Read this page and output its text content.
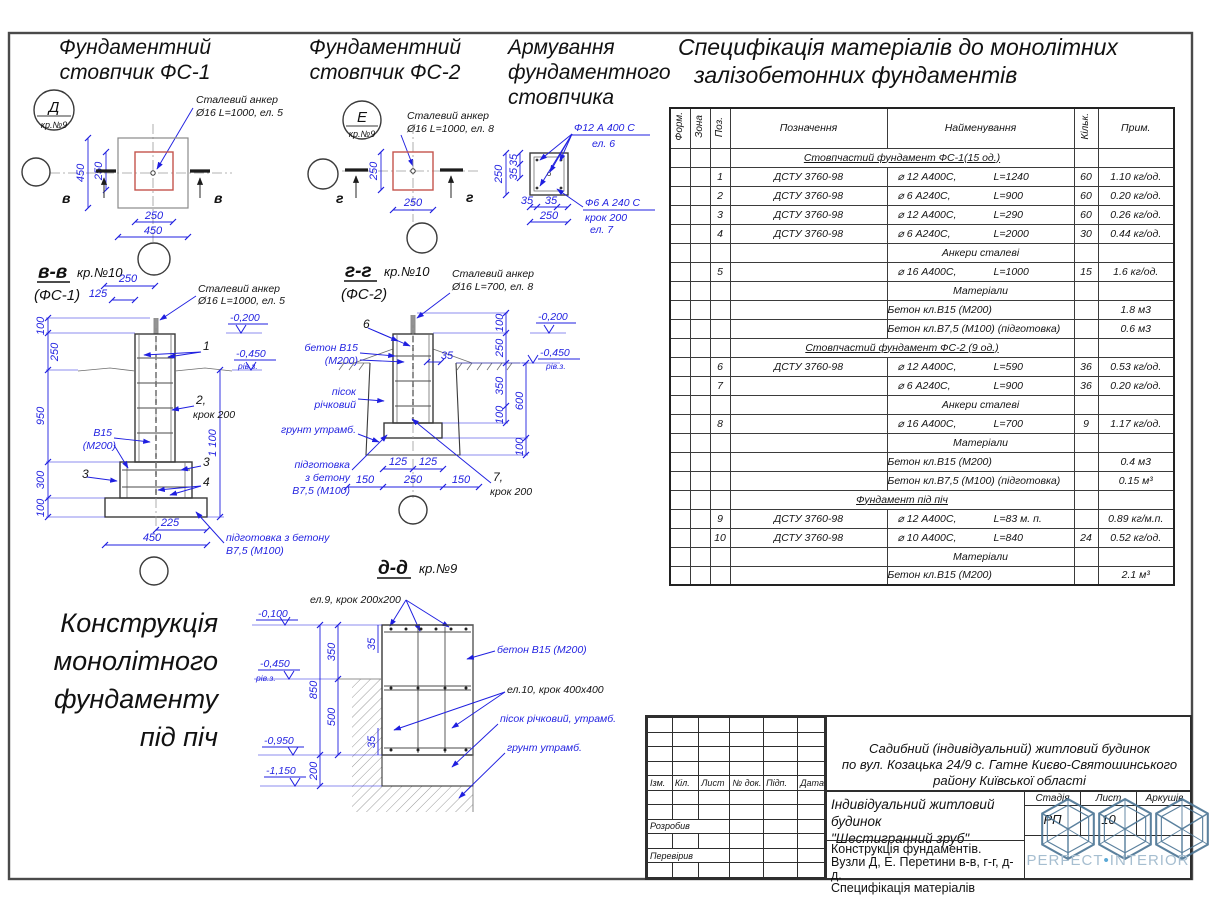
Фундаментний
стовпчик ФС-1
Д
кр.№9
Сталевий анкер
Ø16 L=1000, ел. 5
450 250
250
450
в	в
в-в кр.№10
(ФС-1)	Сталевий анкер
Ø16 L=1000, ел. 5
100
250
950
300
100
250
125
-0,200
-0,450
рів.з.
1 100
1
2,
крок 200
В15
(М200)
3
3
4
225
450	підготовка з бетону
В7,5 (М100)
Фундаментний
стовпчик ФС-2
Е
кр.№9
Сталевий анкер
Ø16 L=1000, ел. 8
250
250
г	г
Армування
фундаментного
стовпчика
Ф12 А 400 С
ел. 6
Ф6 А 240 С
крок 200
ел. 7
250
35
35
35 35
250
г-г кр.№10
(ФС-2)
Сталевий анкер
Ø16 L=700, ел. 8
6
бетон В15
(М200)	35
пісок
річковий
грунт утрамб.
підготовка
з бетону
В7,5 (М100)
125 125
150	250	150
100
250
350
100
600
100
-0,200
-0,450
рів.з.
7,
крок 200
д-д кр.№9
ел.9, крок 200x200
35
35
бетон В15 (М200)
ел.10, крок 400x400
пісок річковий, утрамб.
грунт утрамб.
-0,100
-0,450
рів.з.
-0,950
-1,150
350
500
850
200
Конструкція
монолітного
фундаменту
під піч
Специфікація матеріалів до монолітних
залізобетонних фундаментів
Форм.	Зона	Поз.	Позначення	Найменування	Кільк.	Прим.

			Стовпчастий фундамент ФС-1(15 од.)			

		1	ДСТУ 3760-98	⌀ 12 А400С, L=1240	60	1.10 кг/од.
		2	ДСТУ 3760-98	⌀ 6 А240С, L=900	60	0.20 кг/од.
		3	ДСТУ 3760-98	⌀ 12 А400С, L=290	60	0.26 кг/од.
		4	ДСТУ 3760-98	⌀ 6 А240С, L=2000	30	0.44 кг/од.
				Анкери сталеві		
		5		⌀ 16 А400С, L=1000	15	1.6 кг/од.
				Матеріали		
				Бетон кл.В15 (М200)		1.8 м3
				Бетон кл.В7,5 (М100) (підготовка)		0.6 м3

			Стовпчастий фундамент ФС-2 (9 од.)			

		6	ДСТУ 3760-98	⌀ 12 А400С, L=590	36	0.53 кг/од.
		7		⌀ 6 А240С, L=900	36	0.20 кг/од.
				Анкери сталеві		
		8		⌀ 16 А400С, L=700	9	1.17 кг/од.
				Матеріали		
				Бетон кл.В15 (М200)		0.4 м3
				Бетон кл.В7,5 (М100) (підготовка)		0.15 м³

			Фундамент під піч			

		9	ДСТУ 3760-98	⌀ 12 А400С, L=83 м. п.		0.89 кг/м.п.
		10	ДСТУ 3760-98	⌀ 10 А400С, L=840	24	0.52 кг/од.
				Матеріали		
				Бетон кл.В15 (М200)		2.1 м³

Ізм.	Кіл.	Лист	№ док.	Підп.	Дата

Розробив					

Перевірив					

Садибний (індивідуальний) житловий будинок
по вул. Козацька 24/9 с. Гатне Києво-Святошинського
району Київської області
Індивідуальний житловий будинок
"Шестигранний зруб"
Конструкція фундаментів.
Вузли Д, Е. Перетини в-в, г-г, д-д.
Специфікація матеріалів
Стадія	Лист	Аркушів
РП	10
PERFECT•INTERIOR
